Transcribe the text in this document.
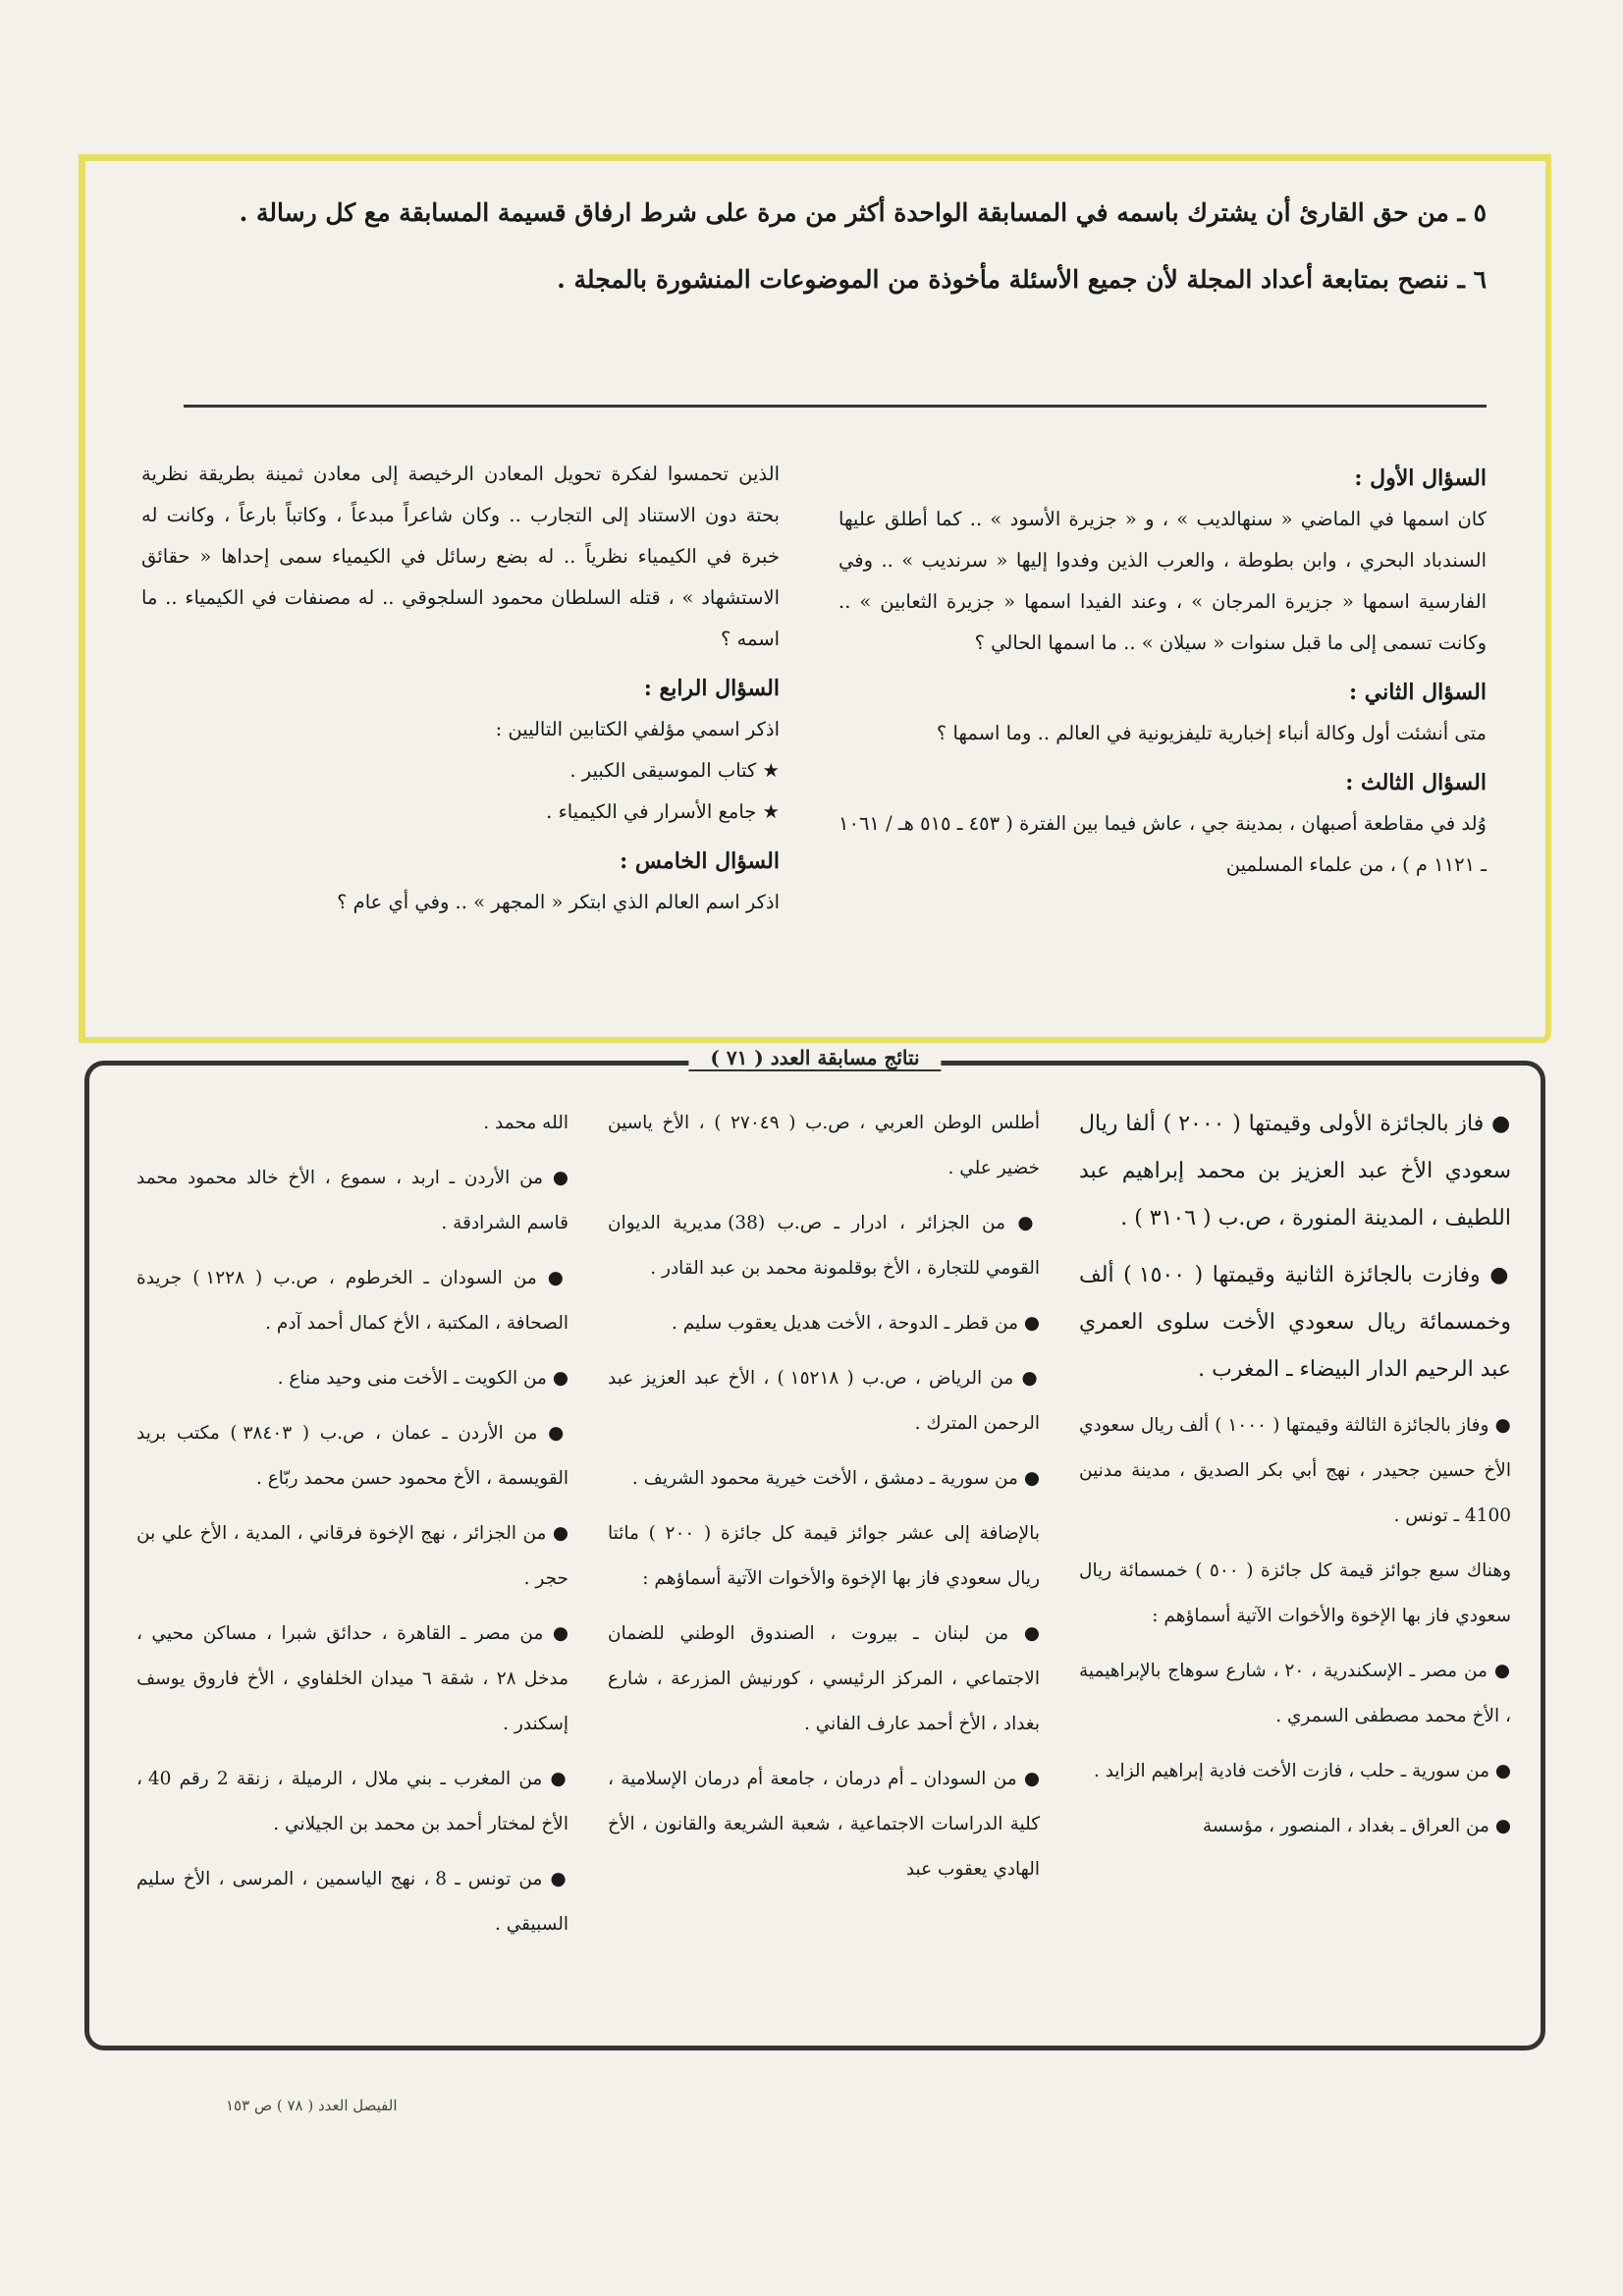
٥ ـ من حق القارئ أن يشترك باسمه في المسابقة الواحدة أكثر من مرة على شرط ارفاق قسيمة المسابقة مع كل رسالة .

٦ ـ ننصح بمتابعة أعداد المجلة لأن جميع الأسئلة مأخوذة من الموضوعات المنشورة بالمجلة .

السؤال الأول :
كان اسمها في الماضي « سنهالديب » ، و « جزيرة الأسود » .. كما أطلق عليها السندباد البحري ، وابن بطوطة ، والعرب الذين وفدوا إليها « سرنديب » .. وفي الفارسية اسمها « جزيرة المرجان » ، وعند الفيدا اسمها « جزيرة الثعابين » .. وكانت تسمى إلى ما قبل سنوات « سيلان » .. ما اسمها الحالي ؟
السؤال الثاني :
متى أنشئت أول وكالة أنباء إخبارية تليفزيونية في العالم .. وما اسمها ؟
السؤال الثالث :
وُلد في مقاطعة أصبهان ، بمدينة جي ، عاش فيما بين الفترة ( ٤٥٣ ـ ٥١٥ هـ / ١٠٦١ ـ ١١٢١ م ) ، من علماء المسلمين
الذين تحمسوا لفكرة تحويل المعادن الرخيصة إلى معادن ثمينة بطريقة نظرية بحتة دون الاستناد إلى التجارب .. وكان شاعراً مبدعاً ، وكاتباً بارعاً ، وكانت له خبرة في الكيمياء نظرياً .. له بضع رسائل في الكيمياء سمى إحداها « حقائق الاستشهاد » ، قتله السلطان محمود السلجوقي .. له مصنفات في الكيمياء .. ما اسمه ؟
السؤال الرابع :
اذكر اسمي مؤلفي الكتابين التاليين :
★ كتاب الموسيقى الكبير .
★ جامع الأسرار في الكيمياء .
السؤال الخامس :
اذكر اسم العالم الذي ابتكر « المجهر » .. وفي أي عام ؟
نتائج مسابقة العدد ( ٧١ )

● فاز بالجائزة الأولى وقيمتها ( ٢٠٠٠ ) ألفا ريال سعودي الأخ عبد العزيز بن محمد إبراهيم عبد اللطيف ، المدينة المنورة ، ص.ب ( ٣١٠٦ ) .

● وفازت بالجائزة الثانية وقيمتها ( ١٥٠٠ ) ألف وخمسمائة ريال سعودي الأخت سلوى العمري عبد الرحيم الدار البيضاء ـ المغرب .

● وفاز بالجائزة الثالثة وقيمتها ( ١٠٠٠ ) ألف ريال سعودي الأخ حسين جحيدر ، نهج أبي بكر الصديق ، مدينة مدنين 4100 ـ تونس .

وهناك سبع جوائز قيمة كل جائزة ( ٥٠٠ ) خمسمائة ريال سعودي فاز بها الإخوة والأخوات الآتية أسماؤهم :

● من مصر ـ الإسكندرية ، ٢٠ ، شارع سوهاج بالإبراهيمية ، الأخ محمد مصطفى السمري .

● من سورية ـ حلب ، فازت الأخت فادية إبراهيم الزايد .

● من العراق ـ بغداد ، المنصور ، مؤسسة

أطلس الوطن العربي ، ص.ب ( ٢٧٠٤٩ ) ، الأخ ياسين خضير علي .

● من الجزائر ، ادرار ـ ص.ب (38) مديرية الديوان القومي للتجارة ، الأخ بوقلمونة محمد بن عبد القادر .

● من قطر ـ الدوحة ، الأخت هديل يعقوب سليم .

● من الرياض ، ص.ب ( ١٥٢١٨ ) ، الأخ عبد العزيز عبد الرحمن المترك .

● من سورية ـ دمشق ، الأخت خيرية محمود الشريف .

بالإضافة إلى عشر جوائز قيمة كل جائزة ( ٢٠٠ ) مائتا ريال سعودي فاز بها الإخوة والأخوات الآتية أسماؤهم :

● من لبنان ـ بيروت ، الصندوق الوطني للضمان الاجتماعي ، المركز الرئيسي ، كورنيش المزرعة ، شارع بغداد ، الأخ أحمد عارف الفاني .

● من السودان ـ أم درمان ، جامعة أم درمان الإسلامية ، كلية الدراسات الاجتماعية ، شعبة الشريعة والقانون ، الأخ الهادي يعقوب عبد

الله محمد .

● من الأردن ـ اربد ، سموع ، الأخ خالد محمود محمد قاسم الشرادقة .

● من السودان ـ الخرطوم ، ص.ب ( ١٢٢٨ ) جريدة الصحافة ، المكتبة ، الأخ كمال أحمد آدم .

● من الكويت ـ الأخت منى وحيد مناع .

● من الأردن ـ عمان ، ص.ب ( ٣٨٤٠٣ ) مكتب بريد القويسمة ، الأخ محمود حسن محمد ربّاع .

● من الجزائر ، نهج الإخوة فرقاني ، المدية ، الأخ علي بن حجر .

● من مصر ـ القاهرة ، حدائق شبرا ، مساكن محيي ، مدخل ٢٨ ، شقة ٦ ميدان الخلفاوي ، الأخ فاروق يوسف إسكندر .

● من المغرب ـ بني ملال ، الرميلة ، زنقة 2 رقم 40 ، الأخ لمختار أحمد بن محمد بن الجيلاني .

● من تونس ـ 8 ، نهج الياسمين ، المرسى ، الأخ سليم السبيقي .

الفيصل العدد ( ٧٨ ) ص ١٥٣
